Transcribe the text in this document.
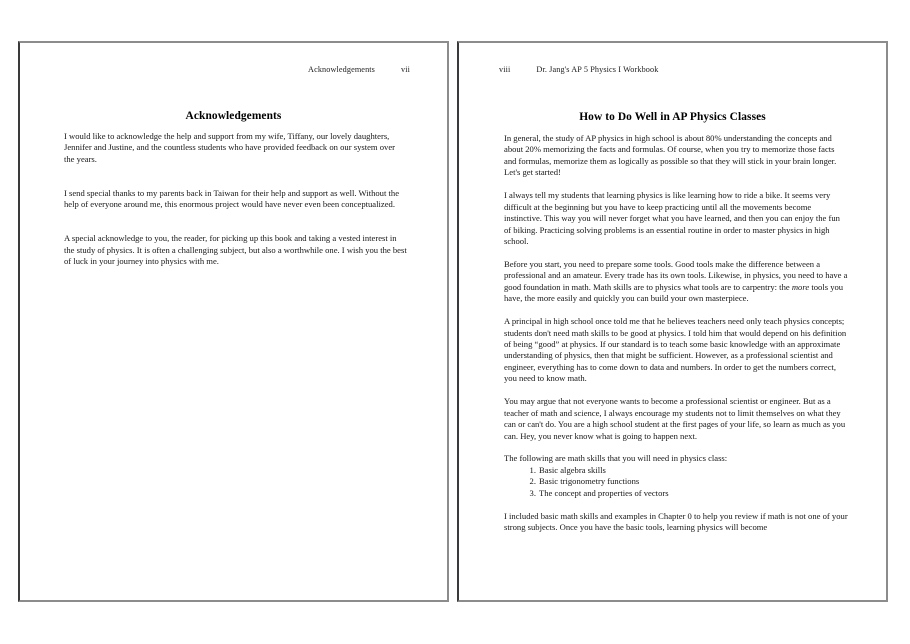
Acknowledgements	vii
Acknowledgements

I would like to acknowledge the help and support from my wife, Tiffany, our lovely daughters, Jennifer and Justine, and the countless students who have provided feedback on our system over the years.

I send special thanks to my parents back in Taiwan for their help and support as well. Without the help of everyone around me, this enormous project would have never even been conceptualized.

A special acknowledge to you, the reader, for picking up this book and taking a vested interest in the study of physics. It is often a challenging subject, but also a worthwhile one. I wish you the best of luck in your journey into physics with me.

viii	Dr. Jang's AP 5 Physics I Workbook
How to Do Well in AP Physics Classes

In general, the study of AP physics in high school is about 80% understanding the concepts and about 20% memorizing the facts and formulas. Of course, when you try to memorize those facts and formulas, memorize them as logically as possible so that they will stick in your brain longer. Let's get started!

I always tell my students that learning physics is like learning how to ride a bike. It seems very difficult at the beginning but you have to keep practicing until all the movements become instinctive. This way you will never forget what you have learned, and then you can enjoy the fun of biking. Practicing solving problems is an essential routine in order to master physics in high school.

Before you start, you need to prepare some tools. Good tools make the difference between a professional and an amateur. Every trade has its own tools. Likewise, in physics, you need to have a good foundation in math. Math skills are to physics what tools are to carpentry: the more tools you have, the more easily and quickly you can build your own masterpiece.

A principal in high school once told me that he believes teachers need only teach physics concepts; students don't need math skills to be good at physics. I told him that would depend on his definition of being “good” at physics. If our standard is to teach some basic knowledge with an approximate understanding of physics, then that might be sufficient. However, as a professional scientist and engineer, everything has to come down to data and numbers. In order to get the numbers correct, you need to know math.

You may argue that not everyone wants to become a professional scientist or engineer. But as a teacher of math and science, I always encourage my students not to limit themselves on what they can or can't do. You are a high school student at the first pages of your life, so learn as much as you can. Hey, you never know what is going to happen next.

The following are math skills that you will need in physics class:

1. Basic algebra skills
2. Basic trigonometry functions
3. The concept and properties of vectors

I included basic math skills and examples in Chapter 0 to help you review if math is not one of your strong subjects. Once you have the basic tools, learning physics will become
